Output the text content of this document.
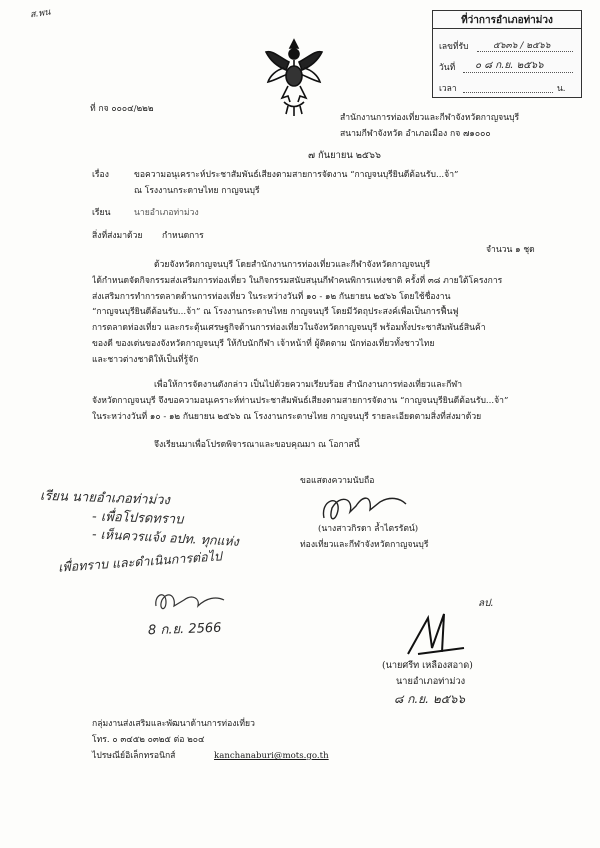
ส.พน
ที่ว่าการอำเภอท่าม่วง
เลขที่รับ	๕๖๓๖ / ๒๕๖๖
วันที่ ๐ ๘ ก.ย. ๒๕๖๖
เวลา	น.
ที่ กจ ๐๐๐๔/๒๒๒
สำนักงานการท่องเที่ยวและกีฬาจังหวัดกาญจนบุรี
สนามกีฬาจังหวัด อำเภอเมือง กจ ๗๑๐๐๐
๗ กันยายน ๒๕๖๖
เรื่อง	ขอความอนุเคราะห์ประชาสัมพันธ์เสียงตามสายการจัดงาน “กาญจนบุรียินดีต้อนรับ...จ้า”
ณ โรงงานกระดาษไทย กาญจนบุรี
เรียน	นายอำเภอท่าม่วง
สิ่งที่ส่งมาด้วย กำหนดการ
จำนวน ๑ ชุด
ด้วยจังหวัดกาญจนบุรี โดยสำนักงานการท่องเที่ยวและกีฬาจังหวัดกาญจนบุรี
ได้กำหนดจัดกิจกรรมส่งเสริมการท่องเที่ยว ในกิจกรรมสนับสนุนกีฬาคนพิการแห่งชาติ ครั้งที่ ๓๘ ภายใต้โครงการ
ส่งเสริมการทำการตลาดด้านการท่องเที่ยว ในระหว่างวันที่ ๑๐ - ๑๒ กันยายน ๒๕๖๖ โดยใช้ชื่องาน
“กาญจนบุรียินดีต้อนรับ...จ้า” ณ โรงงานกระดาษไทย กาญจนบุรี โดยมีวัตถุประสงค์เพื่อเป็นการฟื้นฟู
การตลาดท่องเที่ยว และกระตุ้นเศรษฐกิจด้านการท่องเที่ยวในจังหวัดกาญจนบุรี พร้อมทั้งประชาสัมพันธ์สินค้า
ของดี ของเด่นของจังหวัดกาญจนบุรี ให้กับนักกีฬา เจ้าหน้าที่ ผู้ติดตาม นักท่องเที่ยวทั้งชาวไทย
และชาวต่างชาติให้เป็นที่รู้จัก
เพื่อให้การจัดงานดังกล่าว เป็นไปด้วยความเรียบร้อย สำนักงานการท่องเที่ยวและกีฬา
จังหวัดกาญจนบุรี จึงขอความอนุเคราะห์ท่านประชาสัมพันธ์เสียงตามสายการจัดงาน “กาญจนบุรียินดีต้อนรับ...จ้า”
ในระหว่างวันที่ ๑๐ - ๑๒ กันยายน ๒๕๖๖ ณ โรงงานกระดาษไทย กาญจนบุรี รายละเอียดตามสิ่งที่ส่งมาด้วย
จึงเรียนมาเพื่อโปรดพิจารณาและขอบคุณมา ณ โอกาสนี้
ขอแสดงความนับถือ
(นางสาวกิรดา ล้ำไตรรัตน์)
ท่องเที่ยวและกีฬาจังหวัดกาญจนบุรี
เรียน นายอำเภอท่าม่วง
- เพื่อโปรดทราบ
- เห็นควรแจ้ง อปท. ทุกแห่ง
เพื่อทราบ และดำเนินการต่อไป
8 ก.ย. 2566
ลป.
(นายศรีท เหลืองสอาด)
นายอำเภอท่าม่วง
๘ ก.ย. ๒๕๖๖
กลุ่มงานส่งเสริมและพัฒนาด้านการท่องเที่ยว
โทร. ๐ ๓๔๕๒ ๐๓๒๕ ต่อ ๒๐๔
ไปรษณีย์อิเล็กทรอนิกส์	kanchanaburi@mots.go.th
